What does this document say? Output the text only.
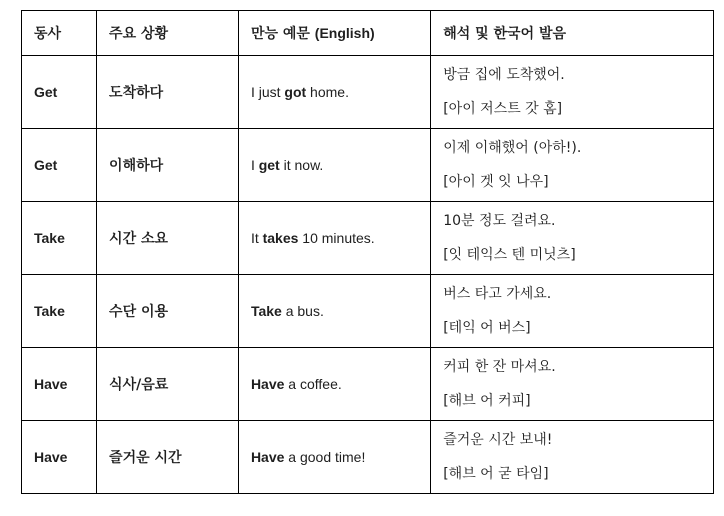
동사	주요 상황	만능 예문 (English)	해석 및 한국어 발음
Get	도착하다	I just got home.	방금 집에 도착했어.
[아이 저스트 갓 홈]

Get	이해하다	I get it now.	이제 이해했어 (아하!).
[아이 겟 잇 나우]

Take	시간 소요	It takes 10 minutes.	10분 정도 걸려요.
[잇 테익스 텐 미닛츠]

Take	수단 이용	Take a bus.	버스 타고 가세요.
[테익 어 버스]

Have	식사/음료	Have a coffee.	커피 한 잔 마셔요.
[해브 어 커피]

Have	즐거운 시간	Have a good time!	즐거운 시간 보내!
[해브 어 굳 타임]
